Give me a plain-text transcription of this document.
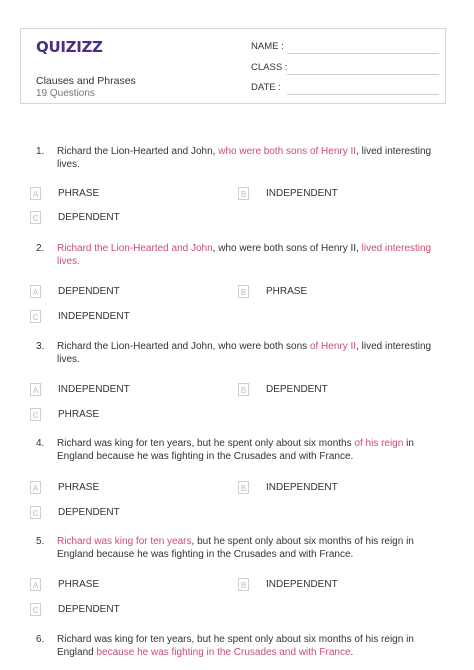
QUIZIZZ
Clauses and Phrases
19 Questions
NAME :
CLASS :
DATE :
1. Richard the Lion-Hearted and John, who were both sons of Henry II, lived interesting lives.
A PHRASE	B INDEPENDENT
C DEPENDENT
2. Richard the Lion-Hearted and John, who were both sons of Henry II, lived interesting lives.
A DEPENDENT	B PHRASE
C INDEPENDENT
3. Richard the Lion-Hearted and John, who were both sons of Henry II, lived interesting lives.
A INDEPENDENT	B DEPENDENT
C PHRASE
4. Richard was king for ten years, but he spent only about six months of his reign in England because he was fighting in the Crusades and with France.
A PHRASE	B INDEPENDENT
C DEPENDENT
5. Richard was king for ten years, but he spent only about six months of his reign in England because he was fighting in the Crusades and with France.
A PHRASE	B INDEPENDENT
C DEPENDENT
6. Richard was king for ten years, but he spent only about six months of his reign in England because he was fighting in the Crusades and with France.
